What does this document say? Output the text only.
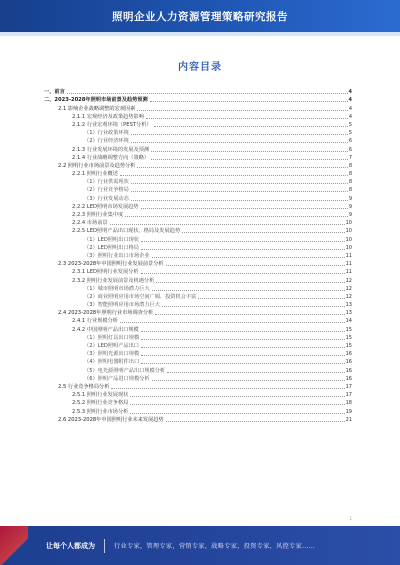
照明企业人力资源管理策略研究报告
内容目录
一、前言	4
二、2023-2028年照明市场前景及趋势预测	4
2.1 影响企业战略调整的宏观因素	4
2.1.1 宏观经济及政策趋势影响	4
2.1.2 行业宏观环境（PEST分析）	5
（1）行业政策环境	5
（2）行业经济环境	6
2.1.3 行业发展环境的发展及预测	6
2.1.4 行业战略调整方向（策略）	7
2.2 照明行业市场前景及趋势分析	8
2.2.1 照明行业概述	8
（1）行业供需现状	8
（2）行业竞争格局	8
（3）行业发展动态	9
2.2.2 LED照明市场发展趋势	9
2.2.3 照明行业集中度	9
2.2.4 市场前景	10
2.2.5 LED照明产品出口现状、格局及发展趋势	10
（1）LED照明出口现状	10
（2）LED照明出口格局	10
（3）照明行业出口市场企业	11
2.3 2023-2028年中国照明行业发展前景分析	11
2.3.1 LED照明行业发展分析	11
2.3.2 照明行业发展前景及机遇分析	12
（1）城市照明市场潜力巨大	12
（2）商业照明应用市场空间广阔、投资机会丰富	12
（3）智能照明应用市场潜力巨大	13
2.4 2023-2028年照明行业市场调查分析	13
2.4.1 行业规模分析	14
2.4.2 中国照明产品出口规模	15
（1）照明灯具出口规模	15
（2）LED照明产品出口	15
（3）照明光源出口规模	16
（4）照明电器附件出口	16
（5）电光源照明产品出口规模分析	16
（6）照明产品进口规模分析	16
2.5 行业竞争格局分析	17
2.5.1 照明行业发展现状	17
2.5.2 照明行业竞争格局	18
2.5.3 照明行业市场分析	19
2.6 2023-2028年中国照明行业未来发展趋势	21
1
让每个人都成为	行业专家，管理专家，营销专家，战略专家，投资专家，风控专家……
